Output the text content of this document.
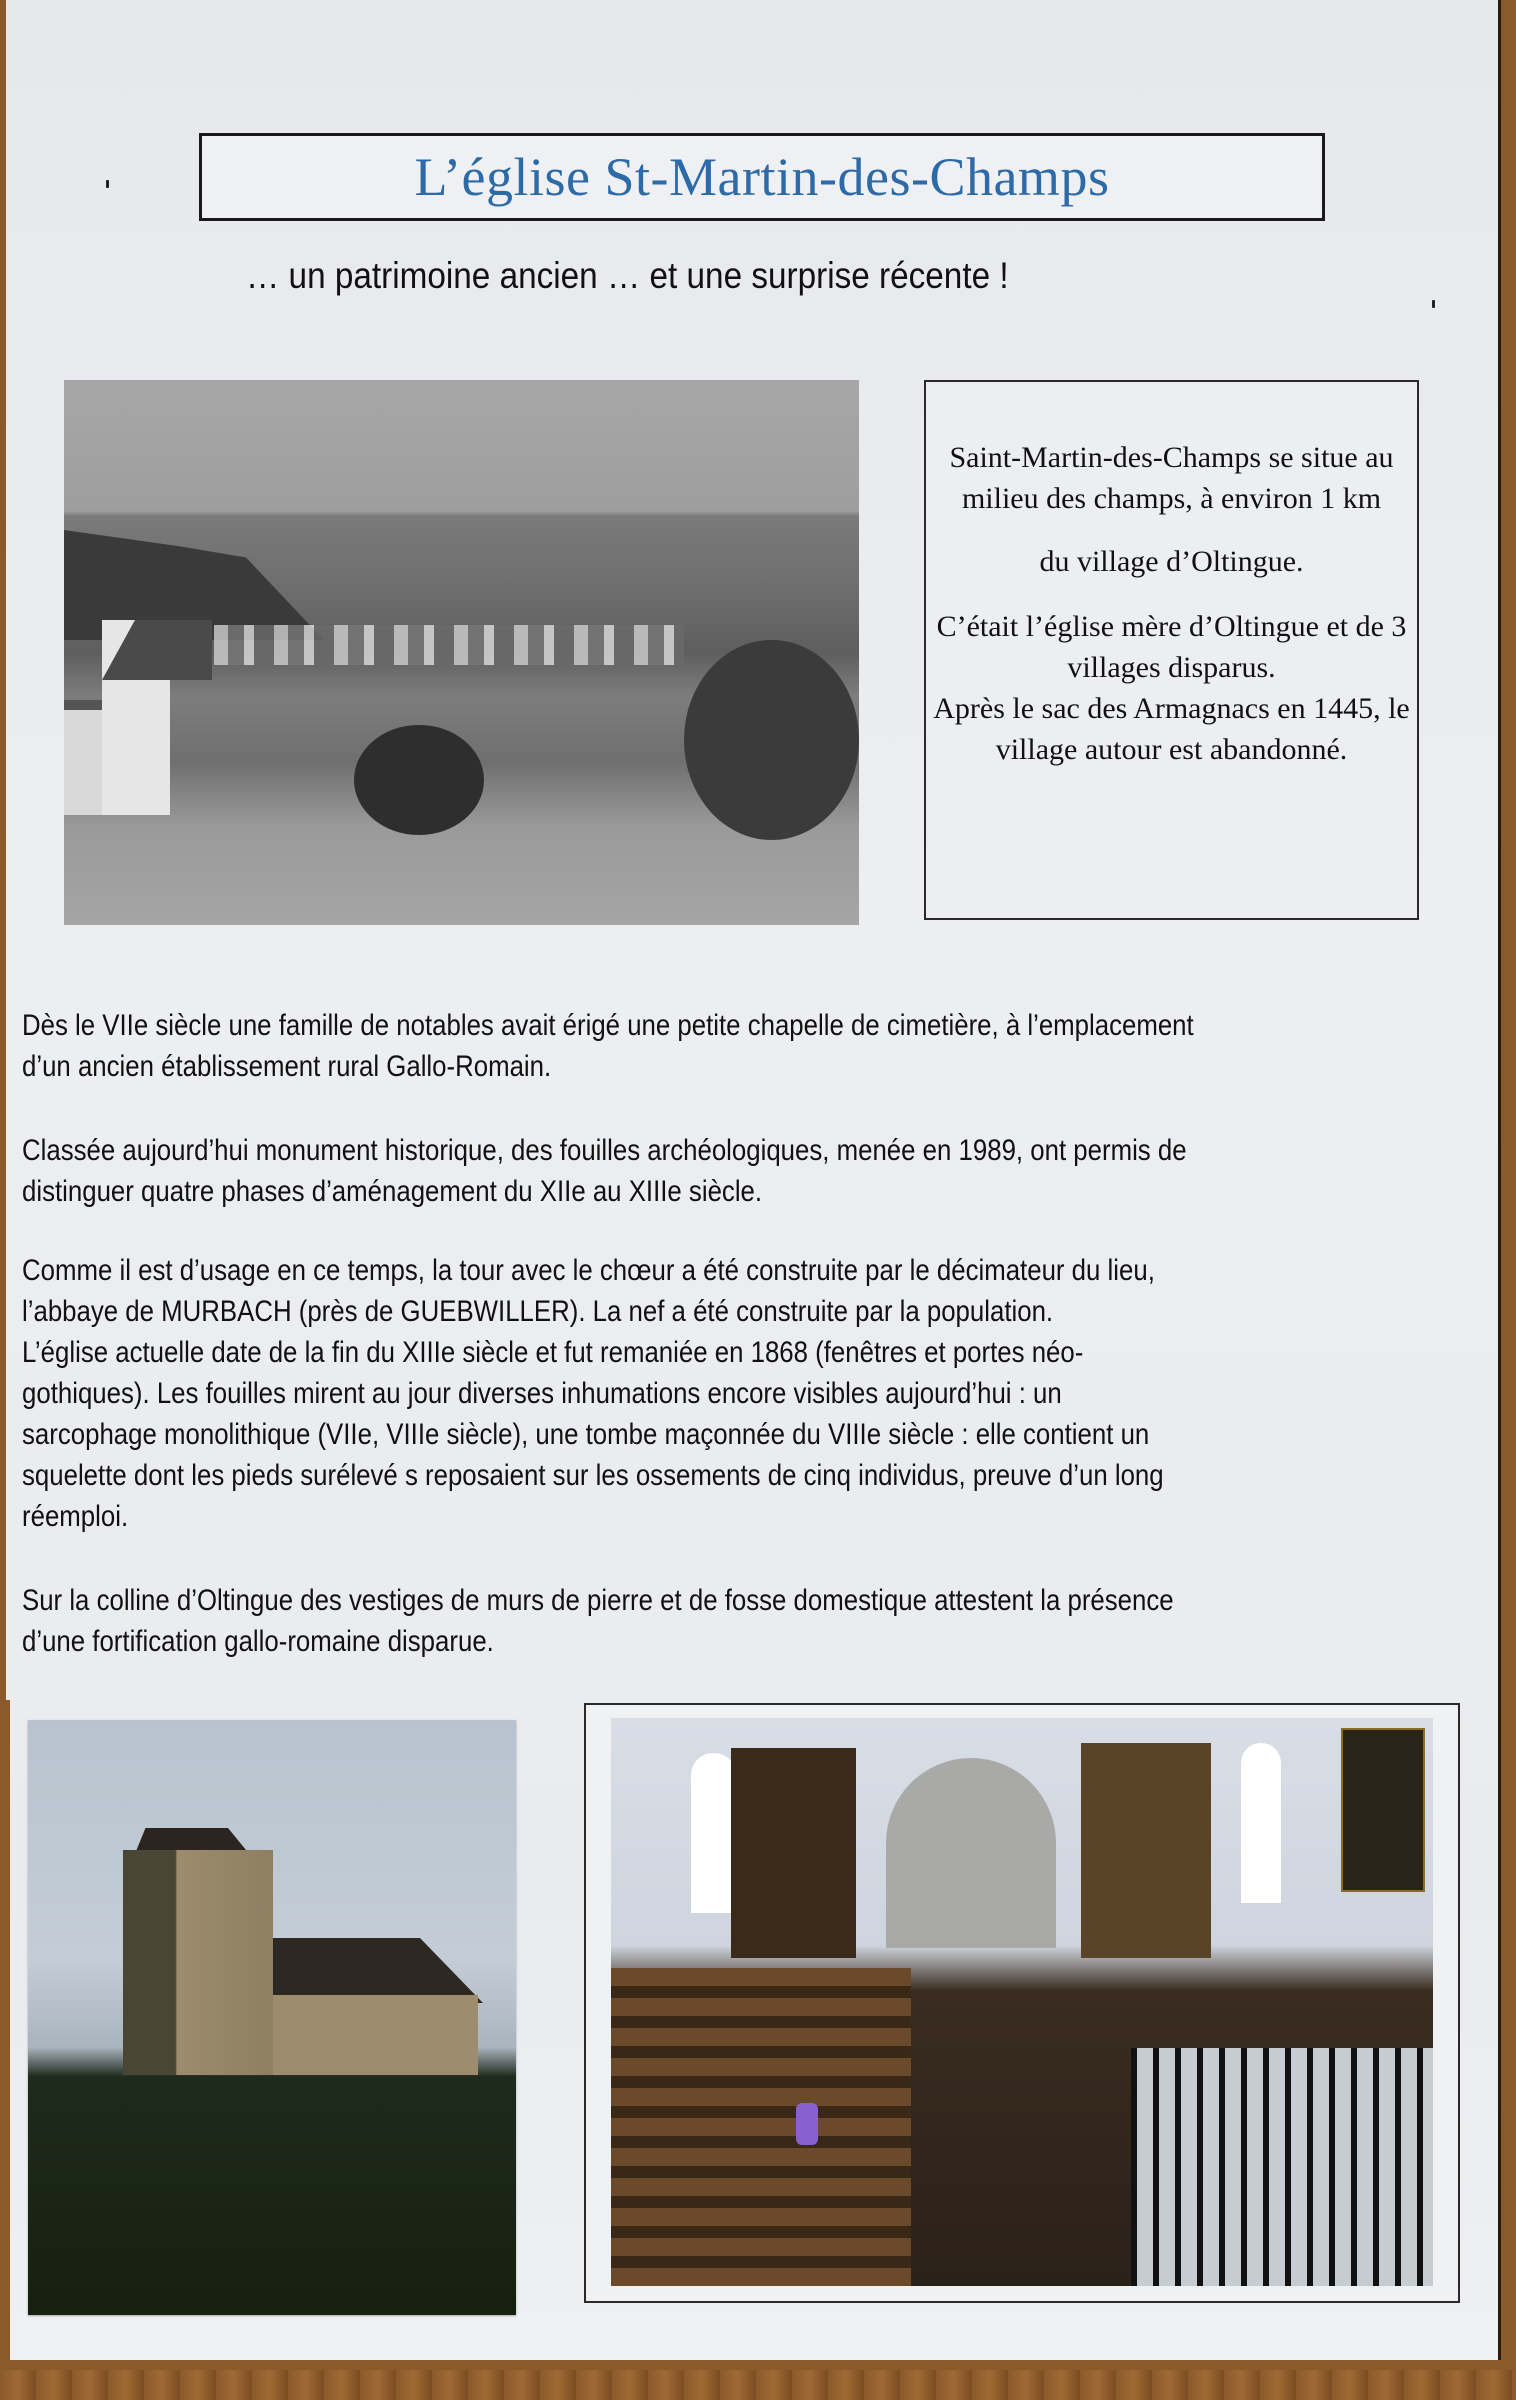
L’église St-Martin-des-Champs
… un patrimoine ancien … et une surprise récente !

Saint-Martin-des-Champs se situe au milieu des champs, à environ 1 km

du village d’Oltingue.

C’était l’église mère d’Oltingue et de 3 villages disparus.

Après le sac des Armagnacs en 1445, le village autour est abandonné.

Dès le VIIe siècle une famille de notables avait érigé une petite chapelle de cimetière, à l’emplacement

d’un ancien établissement rural Gallo-Romain.

Classée aujourd’hui monument historique, des fouilles archéologiques, menée en 1989, ont permis de

distinguer quatre phases d’aménagement du XIIe au XIIIe siècle.

Comme il est d’usage en ce temps, la tour avec le chœur a été construite par le décimateur du lieu,

l’abbaye de MURBACH (près de GUEBWILLER). La nef a été construite par la population.

L’église actuelle date de la fin du XIIIe siècle et fut remaniée en 1868 (fenêtres et portes néo-

gothiques). Les fouilles mirent au jour diverses inhumations encore visibles aujourd’hui : un

sarcophage monolithique (VIIe, VIIIe siècle), une tombe maçonnée du VIIIe siècle : elle contient un

squelette dont les pieds surélevé s reposaient sur les ossements de cinq individus, preuve d’un long

réemploi.

Sur la colline d’Oltingue des vestiges de murs de pierre et de fosse domestique attestent la présence

d’une fortification gallo-romaine disparue.
